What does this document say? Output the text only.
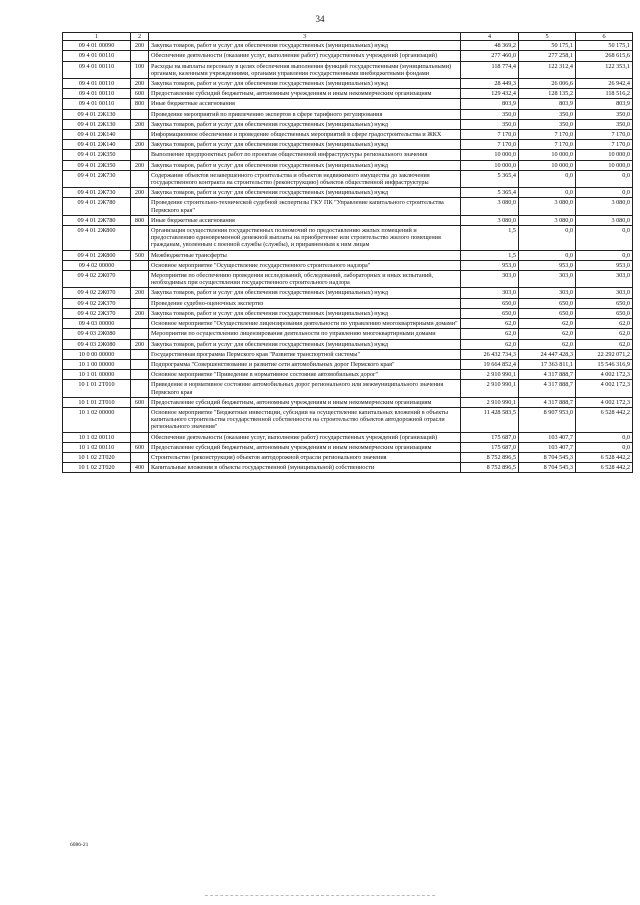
34
1	2	3	4	5	6
09 4 01 00090	200	Закупка товаров, работ и услуг для обеспечения государственных (муниципальных) нужд	48 369,2	50 175,1	50 175,1
09 4 01 00110		Обеспечение деятельности (оказание услуг, выполнение работ) государственных учреждений (организаций)	277 460,0	277 258,1	268 615,6
09 4 01 00110	100	Расходы на выплаты персоналу в целях обеспечения выполнения функций государственными (муниципальными) органами, казенными учреждениями, органами управления государственными внебюджетными фондами	118 774,4	122 312,4	122 353,1
09 4 01 00110	200	Закупка товаров, работ и услуг для обеспечения государственных (муниципальных) нужд	28 449,3	26 006,6	26 942,4
09 4 01 00110	600	Предоставление субсидий бюджетным, автономным учреждениям и иным некоммерческим организациям	129 432,4	128 135,2	118 516,2
09 4 01 00110	800	Иные бюджетные ассигнования	803,9	803,9	803,9
09 4 01 2Ж130		Проведение мероприятий по привлечению экспертов в сфере тарифного регулирования	350,0	350,0	350,0
09 4 01 2Ж130	200	Закупка товаров, работ и услуг для обеспечения государственных (муниципальных) нужд	350,0	350,0	350,0
09 4 01 2Ж140		Информационное обеспечение и проведение общественных мероприятий в сфере градостроительства и ЖКХ	7 170,0	7 170,0	7 170,0
09 4 01 2Ж140	200	Закупка товаров, работ и услуг для обеспечения государственных (муниципальных) нужд	7 170,0	7 170,0	7 170,0
09 4 01 2Ж350		Выполнение предпроектных работ по проектам общественной инфраструктуры регионального значения	10 000,0	10 000,0	10 000,0
09 4 01 2Ж350	200	Закупка товаров, работ и услуг для обеспечения государственных (муниципальных) нужд	10 000,0	10 000,0	10 000,0
09 4 01 2Ж730		Содержание объектов незавершенного строительства и объектов недвижимого имущества до заключения государственного контракта на строительство (реконструкцию) объектов общественной инфраструктуры	5 365,4	0,0	0,0
09 4 01 2Ж730	200	Закупка товаров, работ и услуг для обеспечения государственных (муниципальных) нужд	5 365,4	0,0	0,0
09 4 01 2Ж780		Проведение строительно-технической судебной экспертизы ГКУ ПК "Управление капитального строительства Пермского края"	3 080,0	3 080,0	3 080,0
09 4 01 2Ж780	800	Иные бюджетные ассигнования	3 080,0	3 080,0	3 080,0
09 4 01 2Ж800		Организация осуществления государственных полномочий по предоставлению жилых помещений и предоставлению единовременной денежной выплаты на приобретение или строительство жилого помещения гражданам, уволенным с военной службы (службы), и приравненным к ним лицам	1,5	0,0	0,0
09 4 01 2Ж800	500	Межбюджетные трансферты	1,5	0,0	0,0
09 4 02 00000		Основное мероприятие "Осуществление государственного строительного надзора"	953,0	953,0	953,0
09 4 02 2Ж070		Мероприятия по обеспечению проведения исследований, обследований, лабораторных и иных испытаний, необходимых при осуществлении государственного строительного надзора	303,0	303,0	303,0
09 4 02 2Ж070	200	Закупка товаров, работ и услуг для обеспечения государственных (муниципальных) нужд	303,0	303,0	303,0
09 4 02 2Ж370		Проведение судебно-оценочных экспертиз	650,0	650,0	650,0
09 4 02 2Ж370	200	Закупка товаров, работ и услуг для обеспечения государственных (муниципальных) нужд	650,0	650,0	650,0
09 4 03 00000		Основное мероприятие "Осуществление лицензирования деятельности по управлению многоквартирными домами"	62,0	62,0	62,0
09 4 03 2Ж080		Мероприятия по осуществлению лицензирования деятельности по управлению многоквартирными домами	62,0	62,0	62,0
09 4 03 2Ж080	200	Закупка товаров, работ и услуг для обеспечения государственных (муниципальных) нужд	62,0	62,0	62,0
10 0 00 00000		Государственная программа Пермского края "Развитие транспортной системы"	26 432 734,3	24 447 428,3	22 292 071,2
10 1 00 00000		Подпрограмма "Совершенствование и развитие сети автомобильных дорог Пермского края"	19 664 852,4	17 363 811,1	15 546 316,9
10 1 01 00000		Основное мероприятие "Приведение в нормативное состояние автомобильных дорог"	2 910 990,1	4 317 888,7	4 002 172,3
10 1 01 2Т010		Приведение в нормативное состояние автомобильных дорог регионального или межмуниципального значения Пермского края	2 910 990,1	4 317 888,7	4 002 172,3
10 1 01 2Т010	600	Предоставление субсидий бюджетным, автономным учреждениям и иным некоммерческим организациям	2 910 990,1	4 317 888,7	4 002 172,3
10 1 02 00000		Основное мероприятие "Бюджетные инвестиции, субсидии на осуществление капитальных вложений в объекты капитального строительства государственной собственности на строительство объектов автодорожной отрасли регионального значения"	11 428 583,5	8 907 953,0	6 528 442,2
10 1 02 00110		Обеспечение деятельности (оказание услуг, выполнение работ) государственных учреждений (организаций)	175 687,0	103 407,7	0,0
10 1 02 00110	600	Предоставление субсидий бюджетным, автономным учреждениям и иным некоммерческим организациям	175 687,0	103 407,7	0,0
10 1 02 2Т020		Строительство (реконструкция) объектов автодорожной отрасли регионального значения	8 752 896,5	8 704 545,3	6 528 442,2
10 1 02 2Т020	400	Капитальные вложения в объекты государственной (муниципальной) собственности	8 752 896,5	8 704 545,3	6 528 442,2
6086-21
